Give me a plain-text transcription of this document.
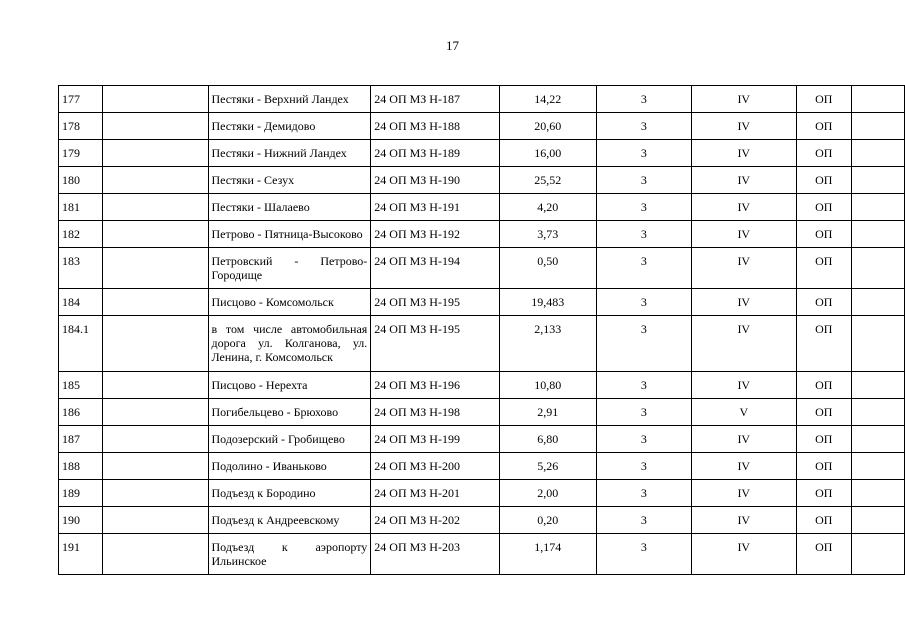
17
177		Пестяки - Верхний Ландех	24 ОП МЗ Н-187	14,22	3	IV	ОП	
178		Пестяки - Демидово	24 ОП МЗ Н-188	20,60	3	IV	ОП	
179		Пестяки - Нижний Ландех	24 ОП МЗ Н-189	16,00	3	IV	ОП	
180		Пестяки - Сезух	24 ОП МЗ Н-190	25,52	3	IV	ОП	
181		Пестяки - Шалаево	24 ОП МЗ Н-191	4,20	3	IV	ОП	
182		Петрово - Пятница-Высоково	24 ОП МЗ Н-192	3,73	3	IV	ОП	
183		Петровский - Петрово-Городище	24 ОП МЗ Н-194	0,50	3	IV	ОП	
184		Писцово - Комсомольск	24 ОП МЗ Н-195	19,483	3	IV	ОП	
184.1		в том числе автомобильная дорога ул. Колганова, ул. Ленина, г. Комсомольск	24 ОП МЗ Н-195	2,133	3	IV	ОП	
185		Писцово - Нерехта	24 ОП МЗ Н-196	10,80	3	IV	ОП	
186		Погибельцево - Брюхово	24 ОП МЗ Н-198	2,91	3	V	ОП	
187		Подозерский - Гробищево	24 ОП МЗ Н-199	6,80	3	IV	ОП	
188		Подолино - Иваньково	24 ОП МЗ Н-200	5,26	3	IV	ОП	
189		Подъезд к Бородино	24 ОП МЗ Н-201	2,00	3	IV	ОП	
190		Подъезд к Андреевскому	24 ОП МЗ Н-202	0,20	3	IV	ОП	
191		Подъезд к аэропорту Ильинское	24 ОП МЗ Н-203	1,174	3	IV	ОП	
